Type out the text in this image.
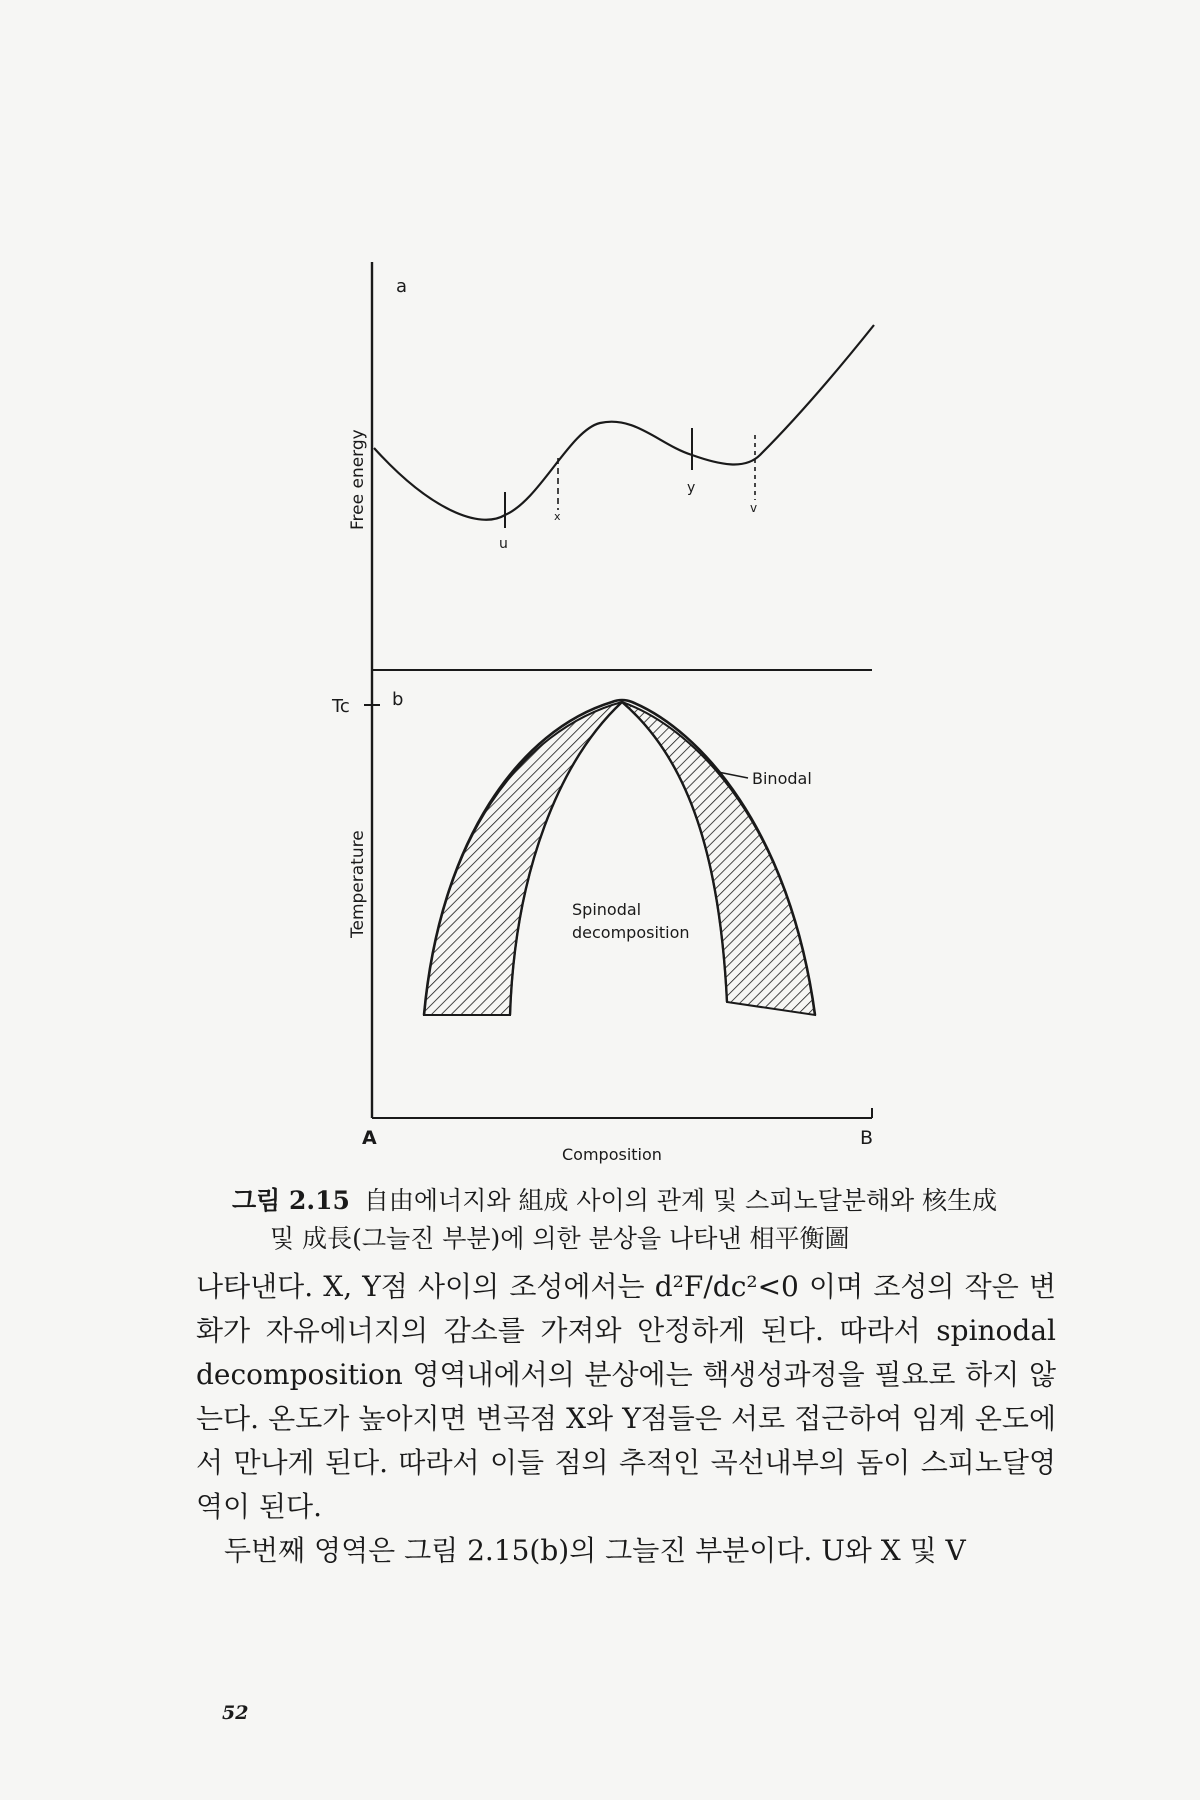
a
Free energy
u
x
y
v
Tc b
Temperature
Binodal
Spinodal
decomposition
A	B
Composition
그림 2.15 自由에너지와 組成 사이의 관계 및 스피노달분해와 核生成
및 成長(그늘진 부분)에 의한 분상을 나타낸 相平衡圖

나타낸다. X, Y점 사이의 조성에서는 d²F/dc²<0 이며 조성의 작은 변화가 자유에너지의 감소를 가져와 안정하게 된다. 따라서 spinodal decomposition 영역내에서의 분상에는 핵생성과정을 필요로 하지 않는다. 온도가 높아지면 변곡점 X와 Y점들은 서로 접근하여 임계 온도에서 만나게 된다. 따라서 이들 점의 추적인 곡선내부의 돔이 스피노달영역이 된다.

두번째 영역은 그림 2.15(b)의 그늘진 부분이다. U와 X 및 V

52
